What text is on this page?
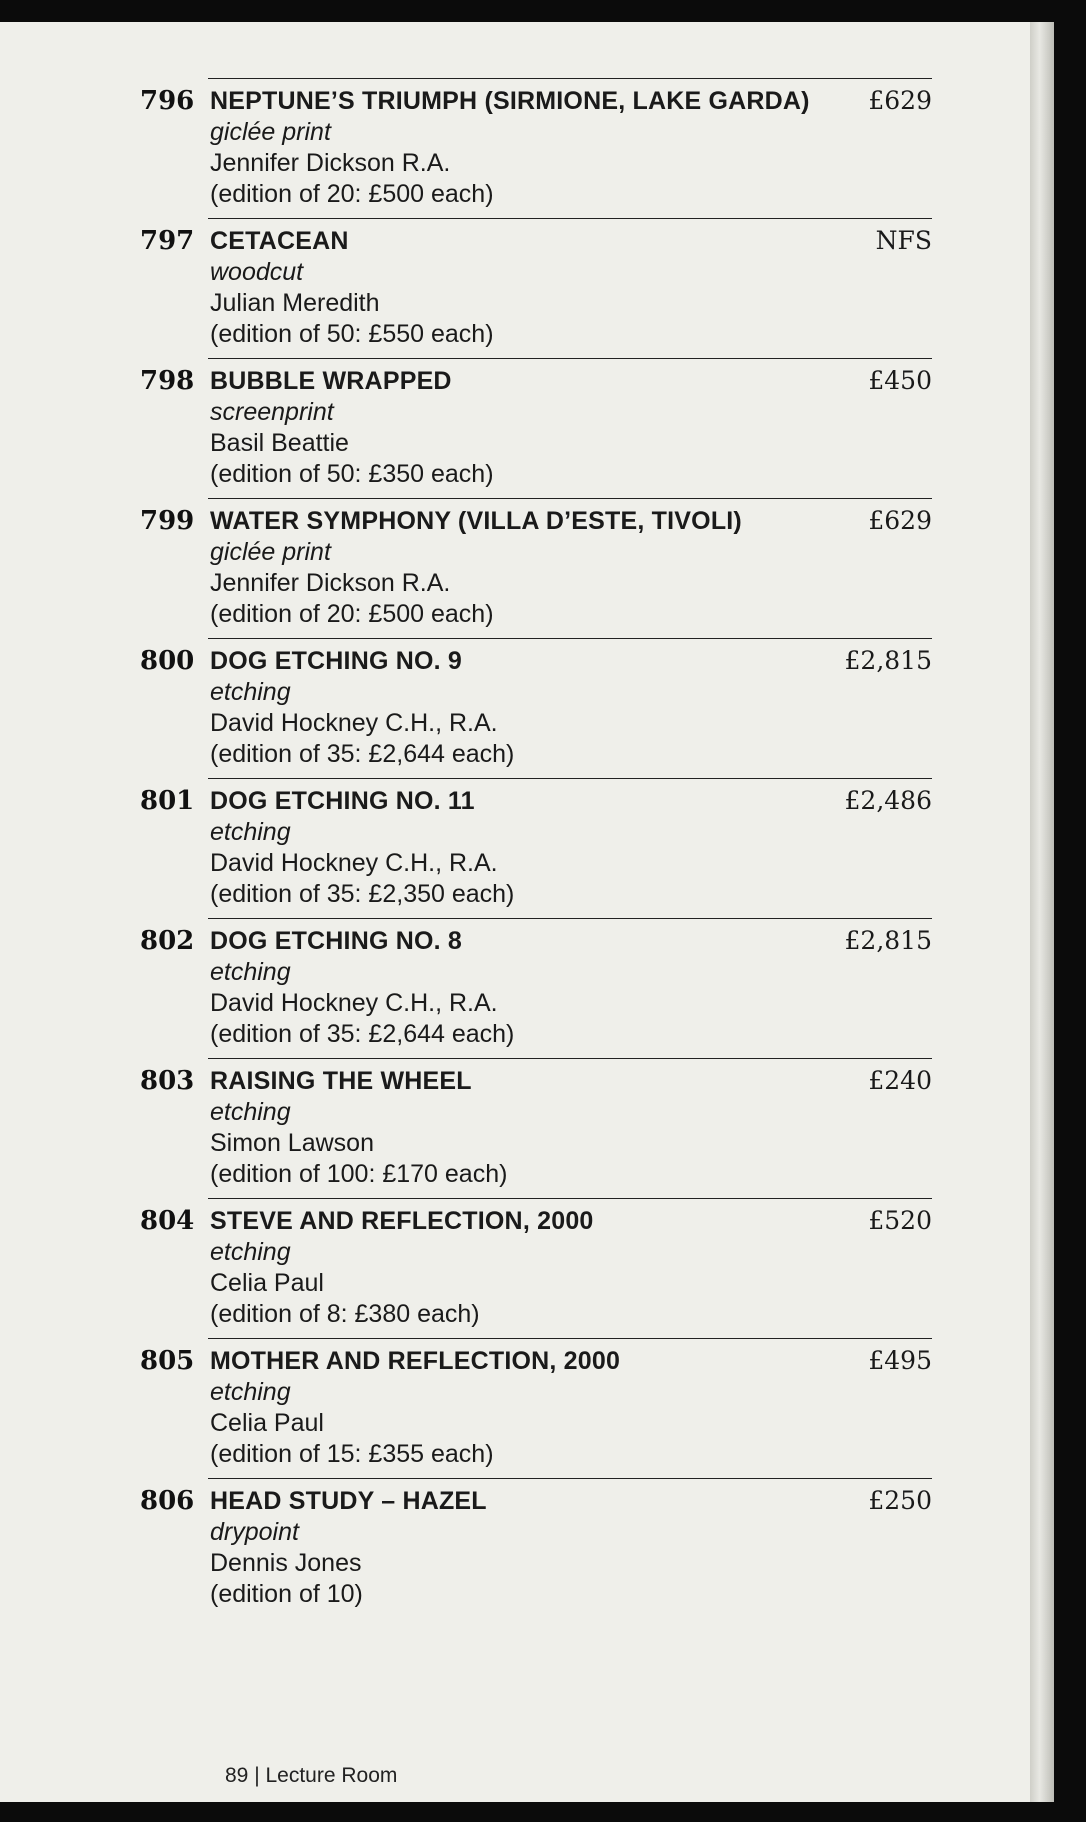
796 NEPTUNE’S TRIUMPH (SIRMIONE, LAKE GARDA)
giclée print
Jennifer Dickson R.A.
(edition of 20: £500 each)
£629
797 CETACEAN
woodcut
Julian Meredith
(edition of 50: £550 each)
NFS
798 BUBBLE WRAPPED
screenprint
Basil Beattie
(edition of 50: £350 each)
£450
799 WATER SYMPHONY (VILLA D’ESTE, TIVOLI)
giclée print
Jennifer Dickson R.A.
(edition of 20: £500 each)
£629
800 DOG ETCHING NO. 9
etching
David Hockney C.H., R.A.
(edition of 35: £2,644 each)
£2,815
801 DOG ETCHING NO. 11
etching
David Hockney C.H., R.A.
(edition of 35: £2,350 each)
£2,486
802 DOG ETCHING NO. 8
etching
David Hockney C.H., R.A.
(edition of 35: £2,644 each)
£2,815
803 RAISING THE WHEEL
etching
Simon Lawson
(edition of 100: £170 each)
£240
804 STEVE AND REFLECTION, 2000
etching
Celia Paul
(edition of 8: £380 each)
£520
805 MOTHER AND REFLECTION, 2000
etching
Celia Paul
(edition of 15: £355 each)
£495
806 HEAD STUDY – HAZEL
drypoint
Dennis Jones
(edition of 10)
£250
89 | Lecture Room
